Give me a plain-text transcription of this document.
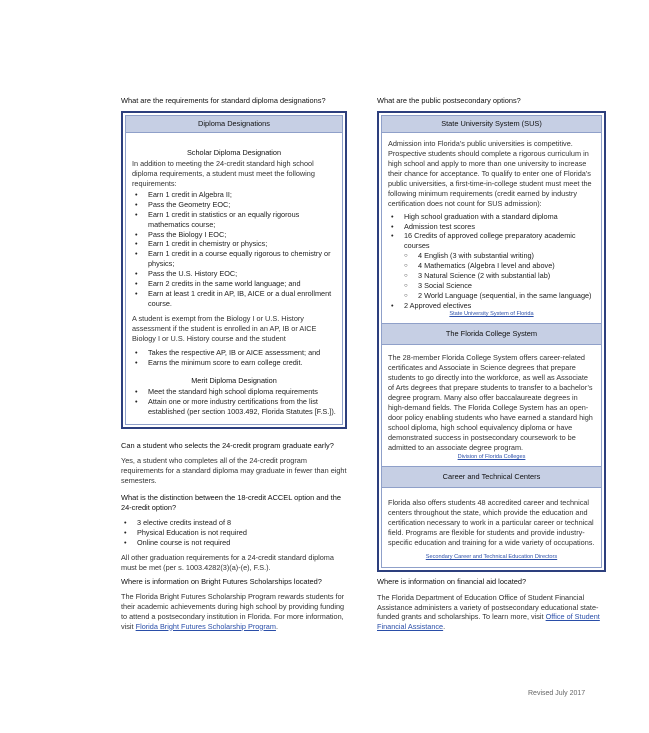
What are the requirements for standard diploma designations?
Diploma Designations
Scholar Diploma Designation
In addition to meeting the 24-credit standard high school diploma requirements, a student must meet the following requirements:
• Earn 1 credit in Algebra II;
• Pass the Geometry EOC;
• Earn 1 credit in statistics or an equally rigorous mathematics course;
• Pass the Biology I EOC;
• Earn 1 credit in chemistry or physics;
• Earn 1 credit in a course equally rigorous to chemistry or physics;
• Pass the U.S. History EOC;
• Earn 2 credits in the same world language; and
• Earn at least 1 credit in AP, IB, AICE or a dual enrollment course.
A student is exempt from the Biology I or U.S. History assessment if the student is enrolled in an AP, IB or AICE Biology I or U.S. History course and the student
• Takes the respective AP, IB or AICE assessment; and
• Earns the minimum score to earn college credit.
Merit Diploma Designation
• Meet the standard high school diploma requirements
• Attain one or more industry certifications from the list established (per section 1003.492, Florida Statutes [F.S.]).
Can a student who selects the 24-credit program graduate early?
Yes, a student who completes all of the 24-credit program requirements for a standard diploma may graduate in fewer than eight semesters.
What is the distinction between the 18-credit ACCEL option and the 24-credit option?
• 3 elective credits instead of 8
• Physical Education is not required
• Online course is not required
All other graduation requirements for a 24-credit standard diploma must be met (per s. 1003.4282(3)(a)-(e), F.S.).
Where is information on Bright Futures Scholarships located?
The Florida Bright Futures Scholarship Program rewards students for their academic achievements during high school by providing funding to attend a postsecondary institution in Florida. For more information, visit Florida Bright Futures Scholarship Program.
What are the public postsecondary options?
State University System (SUS)
Admission into Florida’s public universities is competitive. Prospective students should complete a rigorous curriculum in high school and apply to more than one university to increase their chance for acceptance. To qualify to enter one of Florida’s public universities, a first-time-in-college student must meet the following minimum requirements (credit earned by industry certification does not count for SUS admission):
• High school graduation with a standard diploma
• Admission test scores
• 16 Credits of approved college preparatory academic courses
○ 4 English (3 with substantial writing)
○ 4 Mathematics (Algebra I level and above)
○ 3 Natural Science (2 with substantial lab)
○ 3 Social Science
○ 2 World Language (sequential, in the same language)
• 2 Approved electives
State University System of Florida
The Florida College System
The 28-member Florida College System offers career-related certificates and Associate in Science degrees that prepare students to go directly into the workforce, as well as Associate of Arts degrees that prepare students to transfer to a bachelor’s degree program. Many also offer baccalaureate degrees in high-demand fields. The Florida College System has an open-door policy enabling students who have earned a standard high school diploma, high school equivalency diploma or have demonstrated success in postsecondary coursework to be admitted to an associate degree program.
Division of Florida Colleges
Career and Technical Centers
Florida also offers students 48 accredited career and technical centers throughout the state, which provide the education and certification necessary to work in a particular career or technical field. Programs are flexible for students and provide industry-specific education and training for a wide variety of occupations.
Secondary Career and Technical Education Directors
Where is information on financial aid located?
The Florida Department of Education Office of Student Financial Assistance administers a variety of postsecondary educational state-funded grants and scholarships. To learn more, visit Office of Student Financial Assistance.
Revised July 2017
